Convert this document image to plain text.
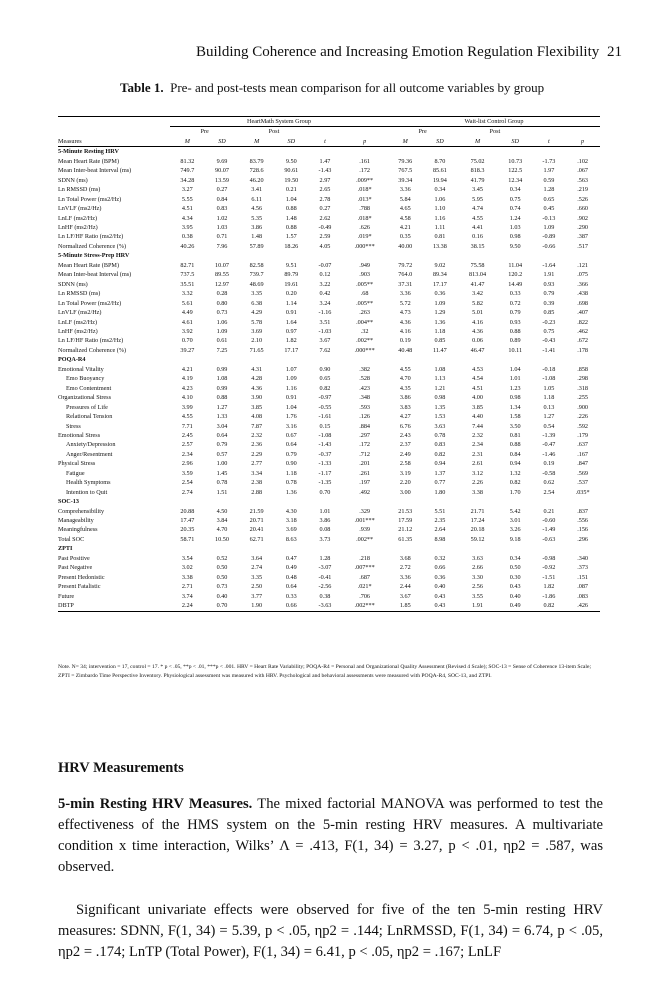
Building Coherence and Increasing Emotion Regulation Flexibility 21
Table 1. Pre- and post-tests mean comparison for all outcome variables by group
	HeartMath System Group						Wait-list Control Group					
	Pre		Post				Pre		Post			
Measures	M	SD	M	SD	t	p	M	SD	M	SD	t	p
5-Minute Resting HRV												
Mean Heart Rate (BPM)	81.32	9.69	83.79	9.50	1.47	.161	79.36	8.70	75.02	10.73	-1.73	.102
Mean Inter-beat Interval (ms)	749.7	90.07	728.6	90.61	-1.43	.172	767.5	85.61	818.3	122.5	1.97	.067
SDNN (ms)	34.28	13.59	46.20	19.50	2.97	.009**	39.34	19.94	41.79	12.34	0.59	.563
Ln RMSSD (ms)	3.27	0.27	3.41	0.21	2.65	.018*	3.36	0.34	3.45	0.34	1.28	.219
Ln Total Power (ms2/Hz)	5.55	0.84	6.11	1.04	2.78	.013*	5.84	1.06	5.95	0.75	0.65	.526
LnVLF (ms2/Hz)	4.51	0.83	4.56	0.88	0.27	.788	4.65	1.10	4.74	0.74	0.45	.660
LnLF (ms2/Hz)	4.34	1.02	5.35	1.48	2.62	.018*	4.58	1.16	4.55	1.24	-0.13	.902
LnHF (ms2/Hz)	3.95	1.03	3.86	0.88	-0.49	.626	4.21	1.11	4.41	1.03	1.09	.290
Ln LF/HF Ratio (ms2/Hz)	0.38	0.71	1.48	1.57	2.59	.019*	0.35	0.81	0.16	0.98	-0.89	.387
Normalized Coherence (%)	40.26	7.96	57.89	18.26	4.05	.000***	40.00	13.38	38.15	9.50	-0.66	.517
5-Minute Stress-Prep HRV												
Mean Heart Rate (BPM)	82.71	10.07	82.58	9.51	-0.07	.949	79.72	9.02	75.58	11.04	-1.64	.121
Mean Inter-beat Interval (ms)	737.5	89.55	739.7	89.79	0.12	.903	764.0	89.34	813.04	120.2	1.91	.075
SDNN (ms)	35.51	12.97	48.69	19.61	3.22	.005**	37.31	17.17	41.47	14.49	0.93	.366
Ln RMSSD (ms)	3.32	0.28	3.35	0.20	0.42	.68	3.36	0.36	3.42	0.33	0.79	.438
Ln Total Power (ms2/Hz)	5.61	0.80	6.38	1.14	3.24	.005**	5.72	1.09	5.82	0.72	0.39	.698
LnVLF (ms2/Hz)	4.49	0.73	4.29	0.91	-1.16	.263	4.73	1.29	5.01	0.79	0.85	.407
LnLF (ms2/Hz)	4.61	1.06	5.78	1.64	3.51	.004**	4.36	1.36	4.16	0.93	-0.23	.822
LnHF (ms2/Hz)	3.92	1.09	3.69	0.97	-1.03	.32	4.16	1.18	4.36	0.88	0.75	.462
Ln LF/HF Ratio (ms2/Hz)	0.70	0.61	2.10	1.82	3.67	.002**	0.19	0.85	0.06	0.89	-0.43	.672
Normalized Coherence (%)	39.27	7.25	71.65	17.17	7.62	.000***	40.48	11.47	46.47	10.11	-1.41	.178
POQA-R4												
Emotional Vitality	4.21	0.99	4.31	1.07	0.90	.382	4.55	1.08	4.53	1.04	-0.18	.858
Emo Buoyancy	4.19	1.08	4.28	1.09	0.65	.528	4.70	1.13	4.54	1.01	-1.08	.298
Emo Contentment	4.23	0.99	4.36	1.16	0.82	.423	4.35	1.21	4.51	1.23	1.05	.318
Organizational Stress	4.10	0.88	3.90	0.91	-0.97	.348	3.86	0.98	4.00	0.98	1.18	.255
Pressures of Life	3.99	1.27	3.85	1.04	-0.55	.593	3.83	1.35	3.85	1.34	0.13	.900
Relational Tension	4.55	1.33	4.08	1.76	-1.61	.126	4.27	1.53	4.40	1.58	1.27	.226
Stress	7.71	3.04	7.87	3.16	0.15	.884	6.76	3.63	7.44	3.50	0.54	.592
Emotional Stress	2.45	0.64	2.32	0.67	-1.08	.297	2.43	0.78	2.32	0.81	-1.39	.179
Anxiety/Depression	2.57	0.79	2.36	0.64	-1.43	.172	2.37	0.83	2.34	0.88	-0.47	.637
Anger/Resentment	2.34	0.57	2.29	0.79	-0.37	.712	2.49	0.82	2.31	0.84	-1.46	.167
Physical Stress	2.96	1.00	2.77	0.90	-1.33	.201	2.58	0.94	2.61	0.94	0.19	.847
Fatigue	3.59	1.45	3.34	1.18	-1.17	.261	3.19	1.37	3.12	1.32	-0.58	.569
Health Symptoms	2.54	0.78	2.38	0.78	-1.35	.197	2.20	0.77	2.26	0.82	0.62	.537
Intention to Quit	2.74	1.51	2.88	1.36	0.70	.492	3.00	1.80	3.38	1.70	2.54	.035*
SOC-13												
Comprehensibility	20.88	4.50	21.59	4.30	1.01	.329	21.53	5.51	21.71	5.42	0.21	.837
Manageability	17.47	3.84	20.71	3.18	3.86	.001***	17.59	2.35	17.24	3.01	-0.60	.556
Meaningfulness	20.35	4.70	20.41	3.69	0.08	.939	21.12	2.64	20.18	3.26	-1.49	.156
Total SOC	58.71	10.50	62.71	8.63	3.73	.002**	61.35	8.98	59.12	9.18	-0.63	.296
ZPTI												
Past Positive	3.54	0.52	3.64	0.47	1.28	.218	3.68	0.32	3.63	0.34	-0.98	.340
Past Negative	3.02	0.50	2.74	0.49	-3.07	.007***	2.72	0.66	2.66	0.50	-0.92	.373
Present Hedonistic	3.38	0.50	3.35	0.48	-0.41	.687	3.36	0.36	3.30	0.30	-1.51	.151
Present Fatalistic	2.71	0.73	2.50	0.64	-2.56	.021*	2.44	0.40	2.56	0.43	1.82	.087
Future	3.74	0.40	3.77	0.33	0.38	.706	3.67	0.43	3.55	0.40	-1.86	.083
DBTP	2.24	0.70	1.90	0.66	-3.63	.002***	1.85	0.43	1.91	0.49	0.82	.426
Note. N= 34; intervention = 17, control = 17. * p < .05, **p < .01, ***p < .001. HRV = Heart Rate Variability; POQA-R4 = Personal and Organizational Quality Assessment (Revised 4 Scale); SOC-13 = Sense of Coherence 13-item Scale; ZPTI = Zimbardo Time Perspective Inventory. Physiological assessment was measured with HRV. Psychological and behavioral assessments were measured with POQA-R4, SOC-13, and ZTPI.
HRV Measurements
5-min Resting HRV Measures. The mixed factorial MANOVA was performed to test the effectiveness of the HMS system on the 5-min resting HRV measures. A multivariate condition x time interaction, Wilks’ Λ = .413, F(1, 34) = 3.27, p < .01, ηp2 = .587, was observed.
Significant univariate effects were observed for five of the ten 5-min resting HRV measures: SDNN, F(1, 34) = 5.39, p < .05, ηp2 = .144; LnRMSSD, F(1, 34) = 6.74, p < .05, ηp2 = .174; LnTP (Total Power), F(1, 34) = 6.41, p < .05, ηp2 = .167; LnLF
